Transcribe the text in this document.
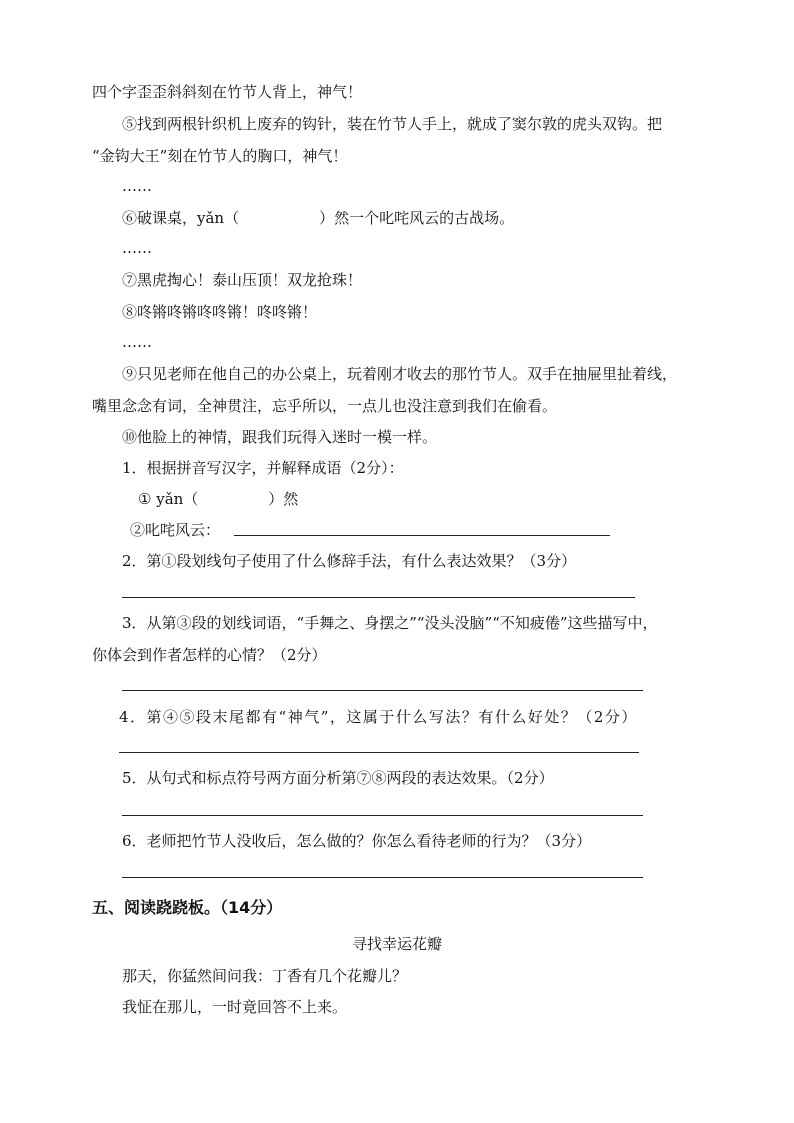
四个字歪歪斜斜刻在竹节人背上，神气！
⑤找到两根针织机上废弃的钩针，装在竹节人手上，就成了窦尔敦的虎头双钩。把
“金钩大王”刻在竹节人的胸口，神气！
……
⑥破课桌，yǎn（	）然一个叱咤风云的古战场。
……
⑦黑虎掏心！泰山压顶！双龙抢珠！
⑧咚锵咚锵咚咚锵！咚咚锵！
……
⑨只见老师在他自己的办公桌上，玩着刚才收去的那竹节人。双手在抽屉里扯着线，
嘴里念念有词，全神贯注，忘乎所以，一点儿也没注意到我们在偷看。
⑩他脸上的神情，跟我们玩得入迷时一模一样。
1．根据拼音写汉字，并解释成语（2分）：
① yǎn（	）然
②叱咤风云：
2．第①段划线句子使用了什么修辞手法，有什么表达效果？（3分）
3．从第③段的划线词语，“手舞之、身摆之”“没头没脑”“不知疲倦”这些描写中，
你体会到作者怎样的心情？（2分）
4．第④⑤段末尾都有“神气”，这属于什么写法？有什么好处？（2分）
5．从句式和标点符号两方面分析第⑦⑧两段的表达效果。（2分）
6．老师把竹节人没收后，怎么做的？你怎么看待老师的行为？（3分）
五、阅读跷跷板。（14分）
寻找幸运花瓣
那天，你猛然间问我：丁香有几个花瓣儿？
我怔在那儿，一时竟回答不上来。
